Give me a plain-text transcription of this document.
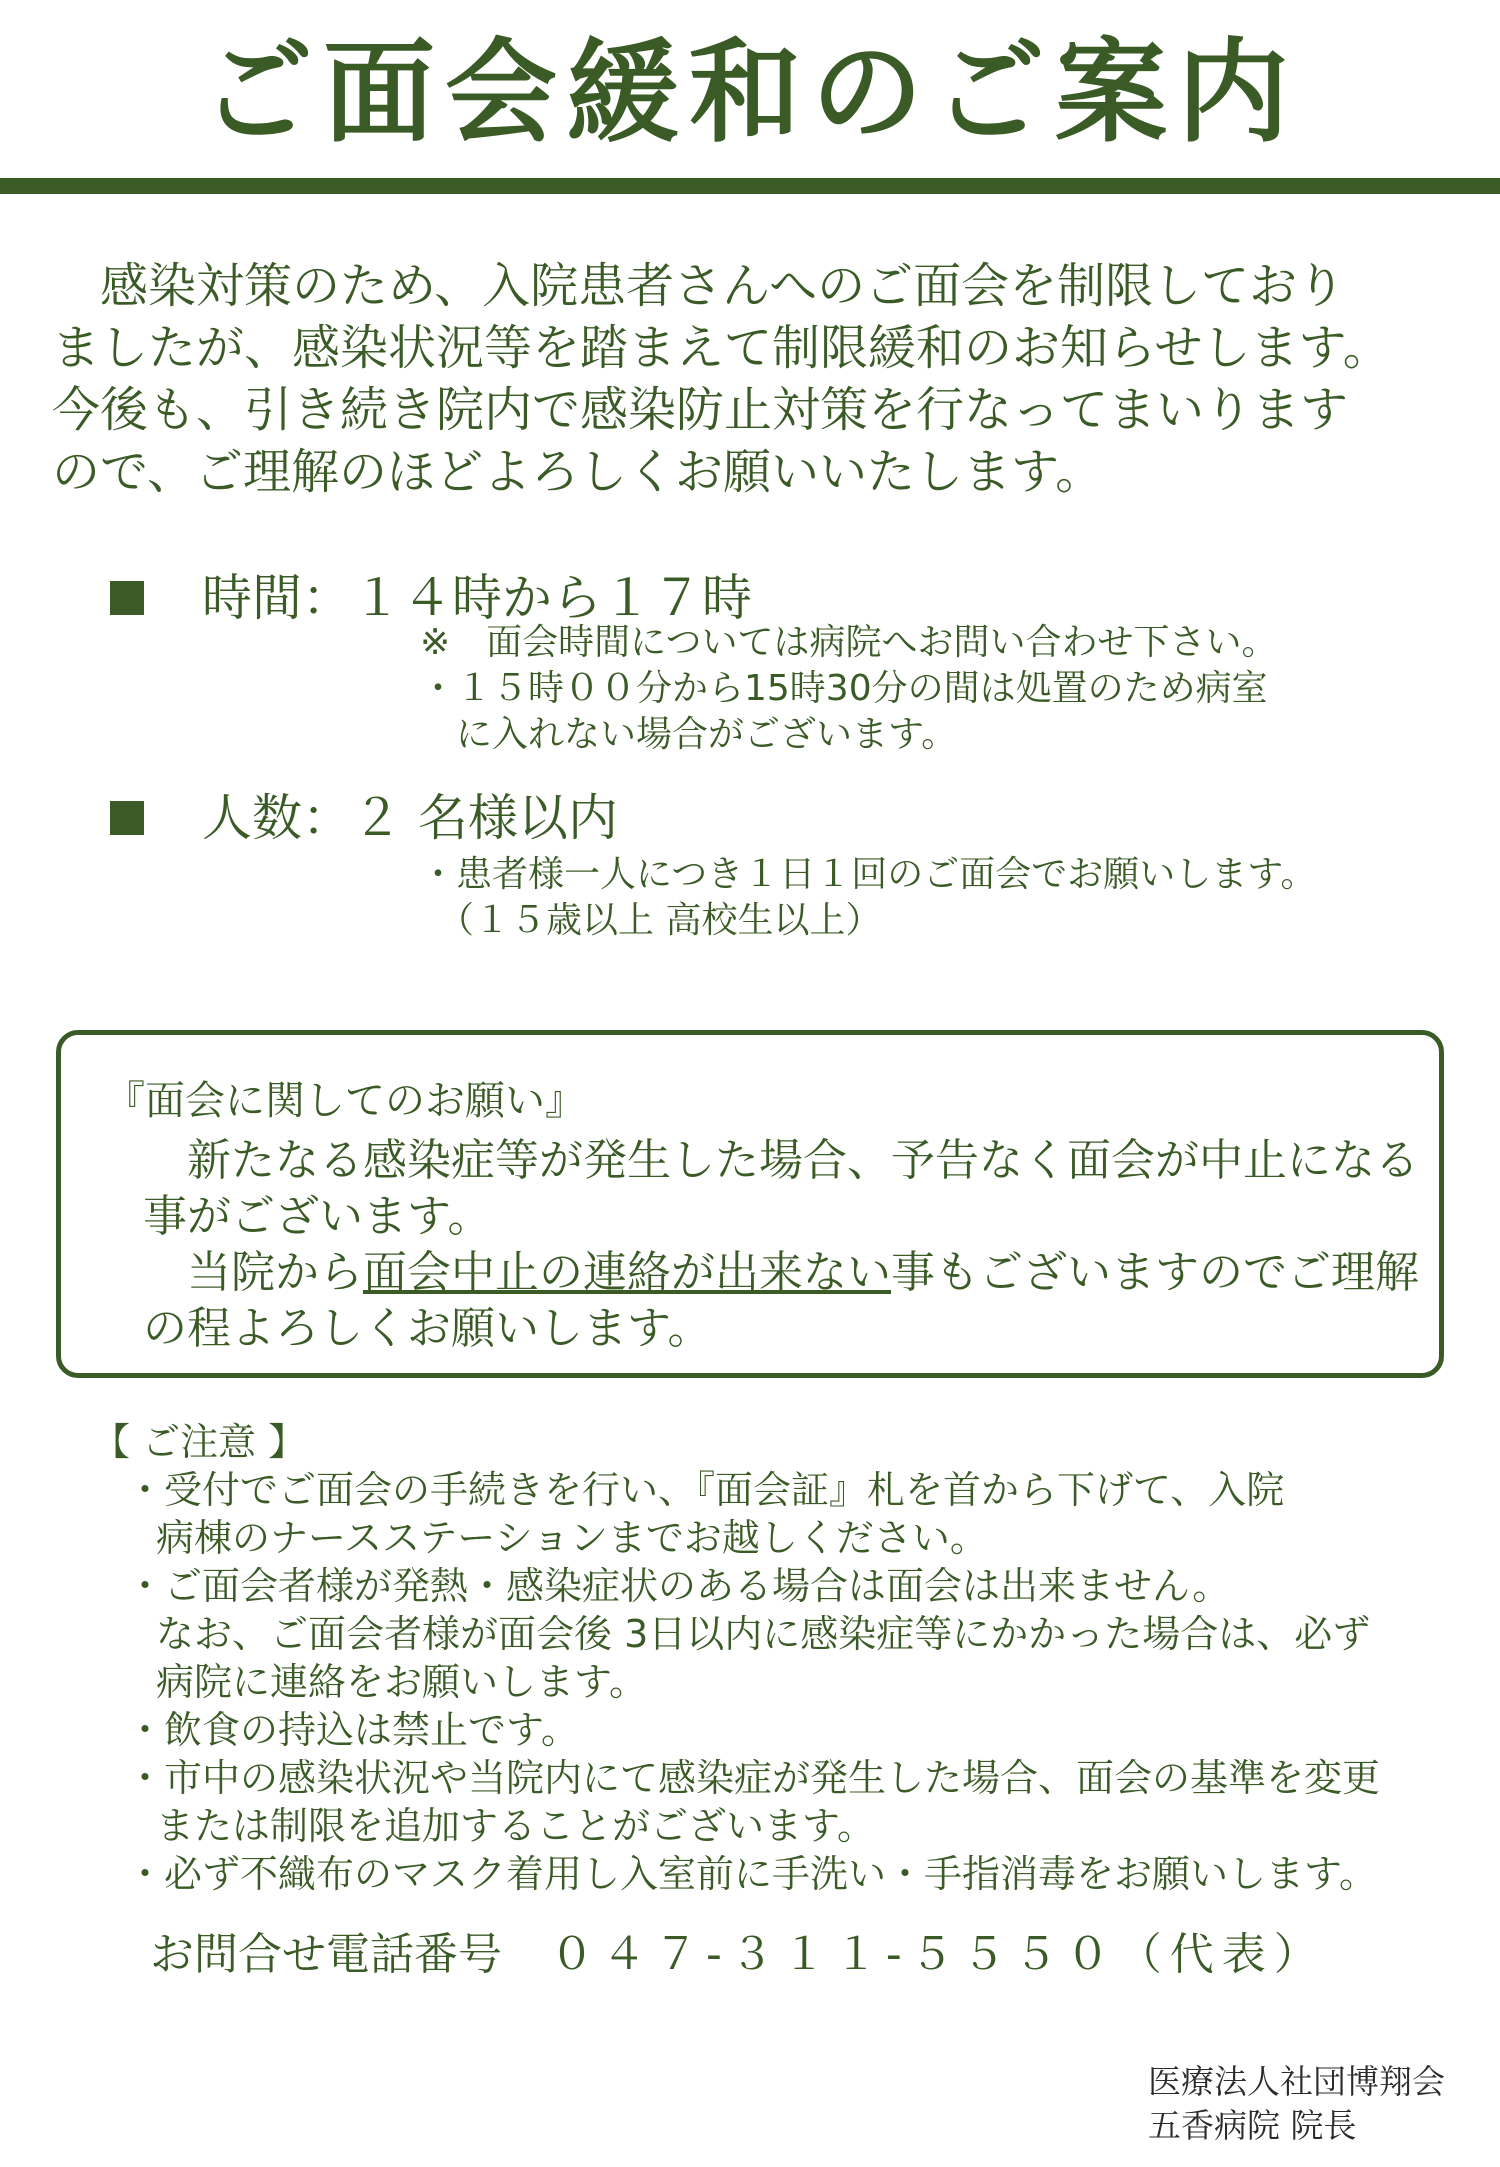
ご面会緩和のご案内

　感染対策のため、入院患者さんへのご面会を制限しており

ましたが、感染状況等を踏まえて制限緩和のお知らせします。

今後も、引き続き院内で感染防止対策を行なってまいります

ので、ご理解のほどよろしくお願いいたします。

時間：１４時から１７時

※　面会時間については病院へお問い合わせ下さい。

・１５時００分から15時30分の間は処置のため病室

　に入れない場合がございます。

人数：２ 名様以内

・患者様一人につき１日１回のご面会でお願いします。

　（１５歳以上 高校生以上）

『面会に関してのお願い』

　新たなる感染症等が発生した場合、予告なく面会が中止になる

事がございます。

　当院から面会中止の連絡が出来ない事もございますのでご理解

の程よろしくお願いします。

【 ご注意 】

・受付でご面会の手続きを行い、『面会証』札を首から下げて、入院

病棟のナースステーションまでお越しください。

・ご面会者様が発熱・感染症状のある場合は面会は出来ません。

なお、ご面会者様が面会後 3日以内に感染症等にかかった場合は、必ず

病院に連絡をお願いします。

・飲食の持込は禁止です。

・市中の感染状況や当院内にて感染症が発生した場合、面会の基準を変更

または制限を追加することがございます。

・必ず不織布のマスク着用し入室前に手洗い・手指消毒をお願いします。

お問合せ電話番号 ０４７-３１１-５５５０（代表）

医療法人社団博翔会

五香病院 院長
